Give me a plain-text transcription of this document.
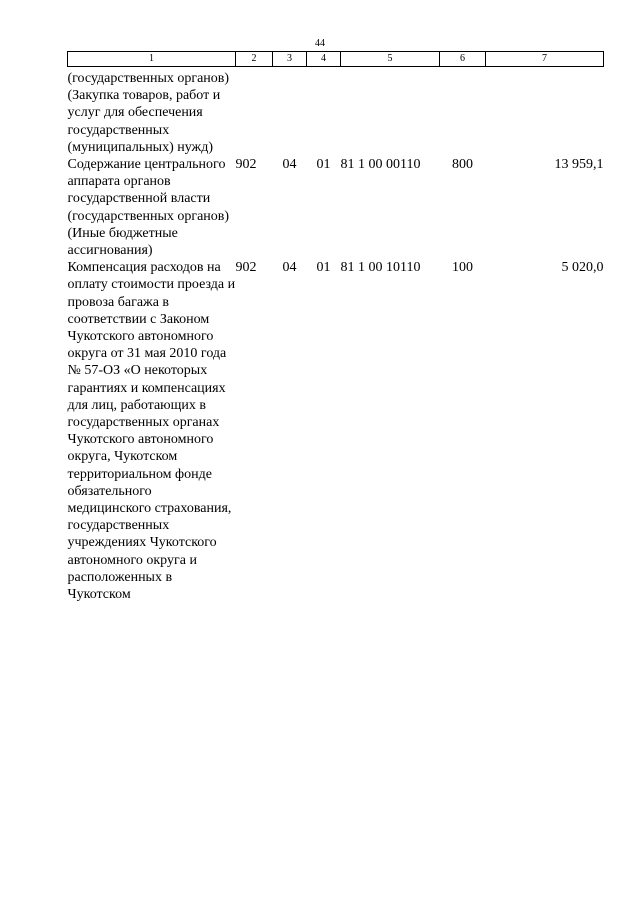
44
1	2	3	4	5	6	7

(государственных органов) (Закупка товаров, работ и услуг для обеспечения государственных (муниципальных) нужд)						
Содержание центрального аппарата органов государственной власти (государственных органов) (Иные бюджетные ассигнования)	902	04	01	81 1 00 00110	800	13 959,1
Компенсация расходов на оплату стоимости проезда и провоза багажа в соответствии с Законом Чукотского автономного округа от 31 мая 2010 года № 57-ОЗ «О некоторых гарантиях и компенсациях для лиц, работающих в государственных органах Чукотского автономного округа, Чукотском территориальном фонде обязательного медицинского страхования, государственных учреждениях Чукотского автономного округа и расположенных в Чукотском	902	04	01	81 1 00 10110	100	5 020,0
